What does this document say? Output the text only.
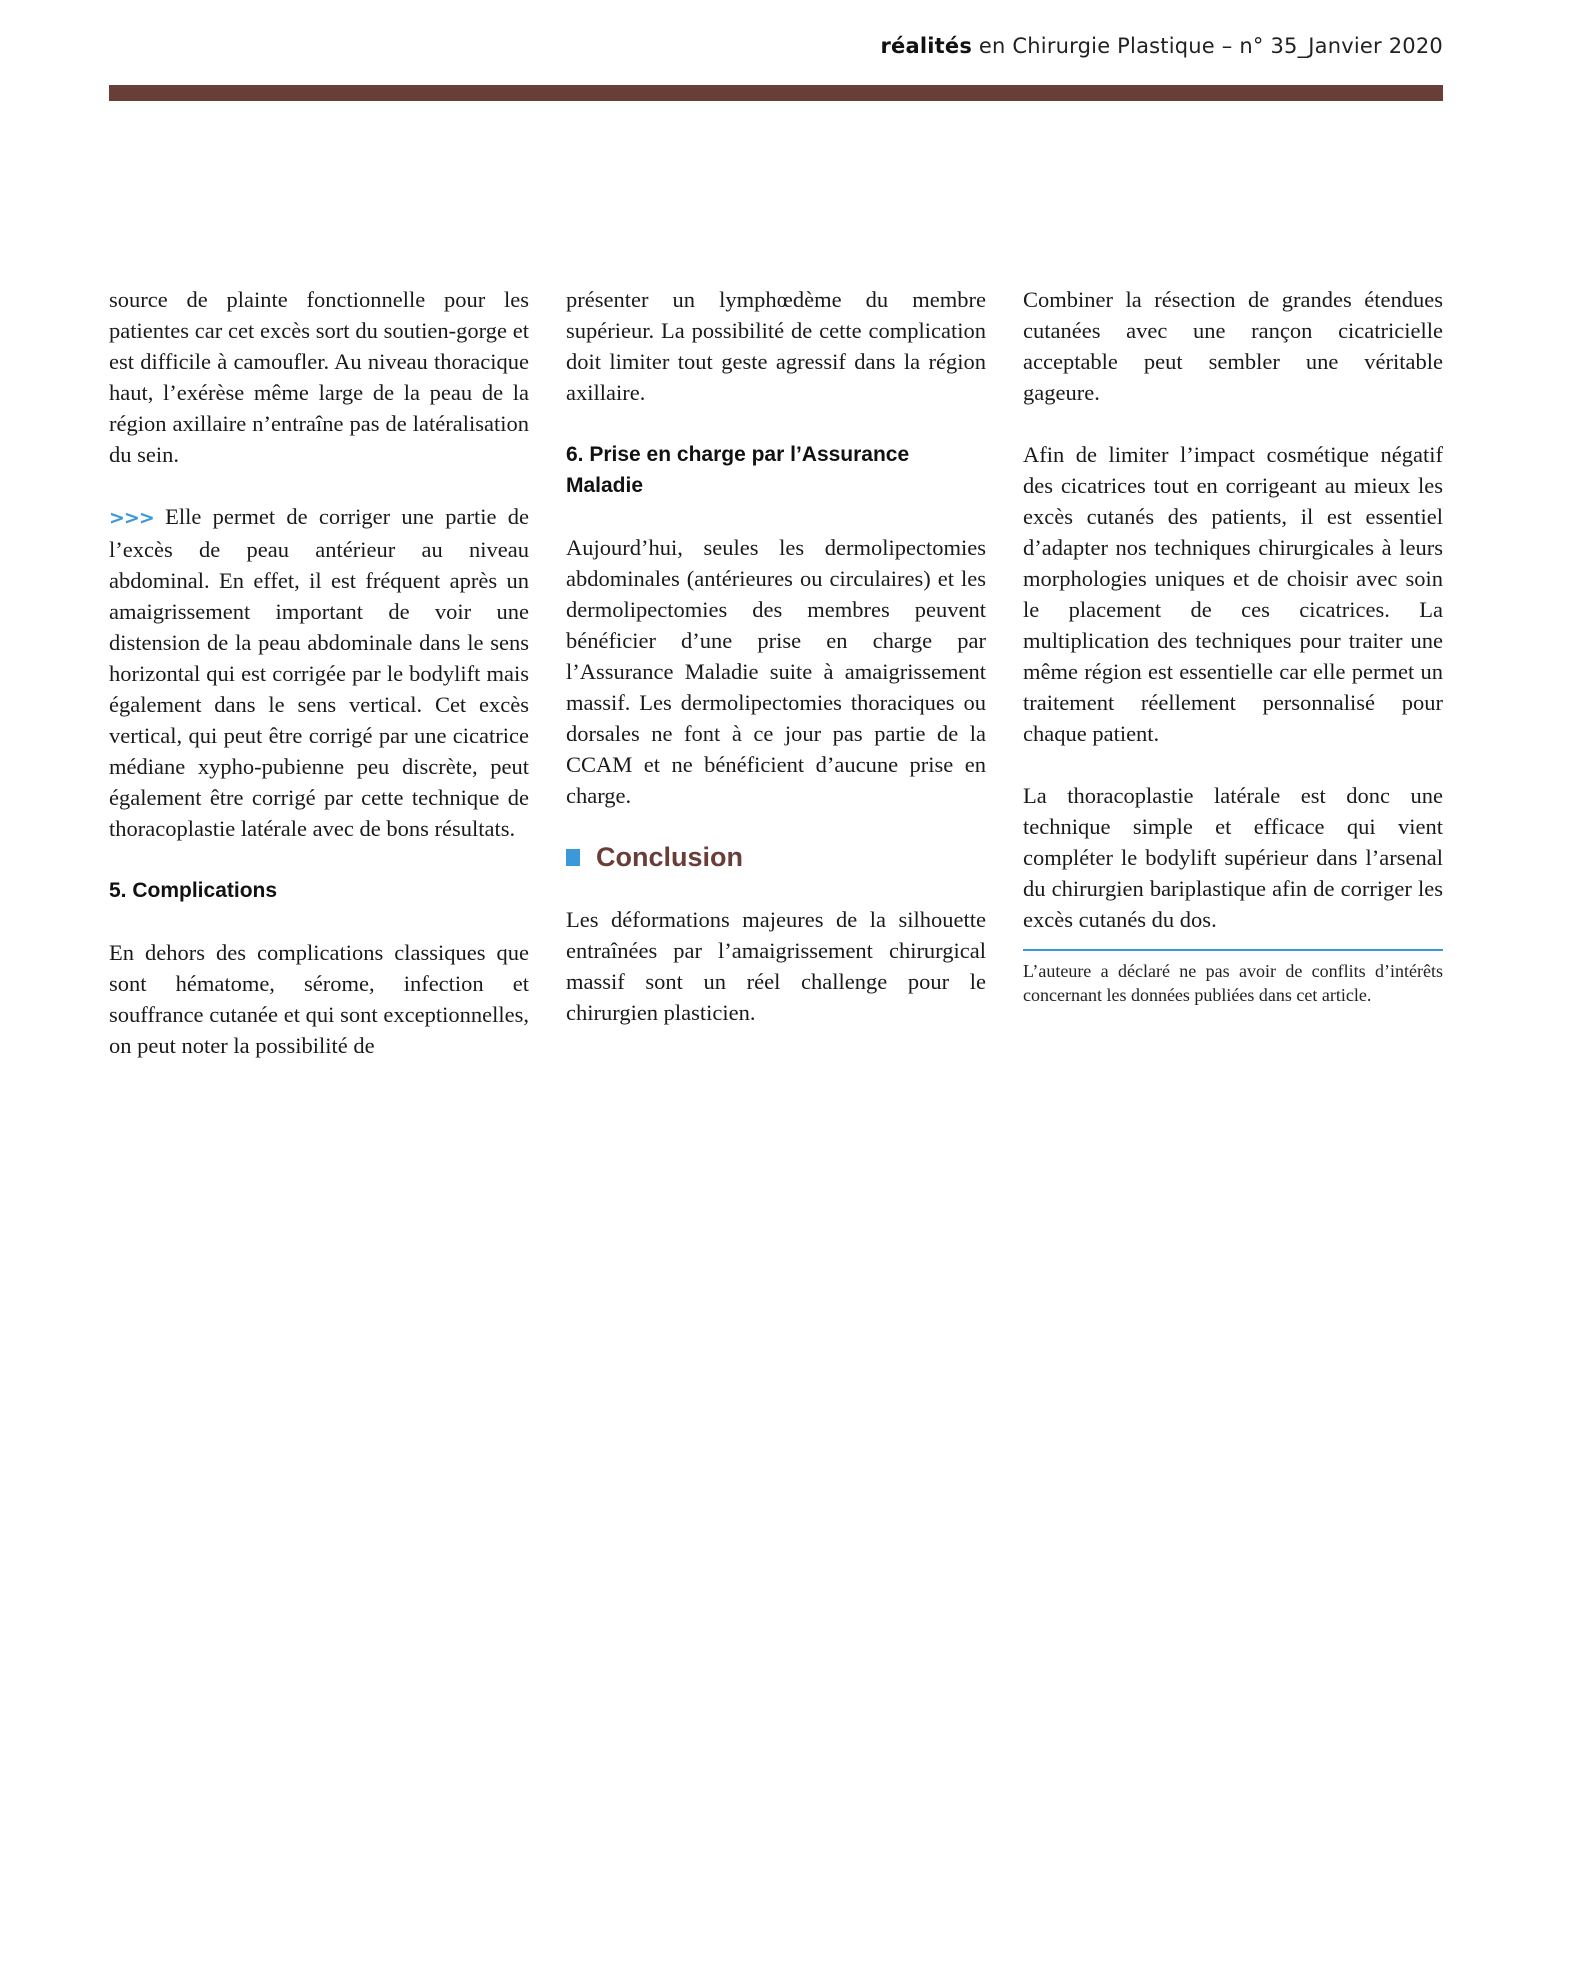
réalités en Chirurgie Plastique – n° 35_Janvier 2020

source de plainte fonctionnelle pour les patientes car cet excès sort du soutien-gorge et est difficile à camoufler. Au niveau thoracique haut, l’exérèse même large de la peau de la région axillaire n’entraîne pas de latéralisation du sein.

>>> Elle permet de corriger une partie de l’excès de peau antérieur au niveau abdominal. En effet, il est fréquent après un amaigrissement important de voir une distension de la peau abdominale dans le sens horizontal qui est corrigée par le bodylift mais également dans le sens vertical. Cet excès vertical, qui peut être corrigé par une cicatrice médiane xypho-pubienne peu discrète, peut également être corrigé par cette technique de thoracoplastie latérale avec de bons résultats.

5. Complications

En dehors des complications classiques que sont hématome, sérome, infection et souffrance cutanée et qui sont exceptionnelles, on peut noter la possibilité de

présenter un lymphœdème du membre supérieur. La possibilité de cette complication doit limiter tout geste agressif dans la région axillaire.

6. Prise en charge par l’Assurance Maladie

Aujourd’hui, seules les dermolipectomies abdominales (antérieures ou circulaires) et les dermolipectomies des membres peuvent bénéficier d’une prise en charge par l’Assurance Maladie suite à amaigrissement massif. Les dermolipectomies thoraciques ou dorsales ne font à ce jour pas partie de la CCAM et ne bénéficient d’aucune prise en charge.

Conclusion

Les déformations majeures de la silhouette entraînées par l’amaigrissement chirurgical massif sont un réel challenge pour le chirurgien plasticien.

Combiner la résection de grandes étendues cutanées avec une rançon cicatricielle acceptable peut sembler une véritable gageure.

Afin de limiter l’impact cosmétique négatif des cicatrices tout en corrigeant au mieux les excès cutanés des patients, il est essentiel d’adapter nos techniques chirurgicales à leurs morphologies uniques et de choisir avec soin le placement de ces cicatrices. La multiplication des techniques pour traiter une même région est essentielle car elle permet un traitement réellement personnalisé pour chaque patient.

La thoracoplastie latérale est donc une technique simple et efficace qui vient compléter le bodylift supérieur dans l’arsenal du chirurgien bariplastique afin de corriger les excès cutanés du dos.

L’auteure a déclaré ne pas avoir de conflits d’intérêts concernant les données publiées dans cet article.
